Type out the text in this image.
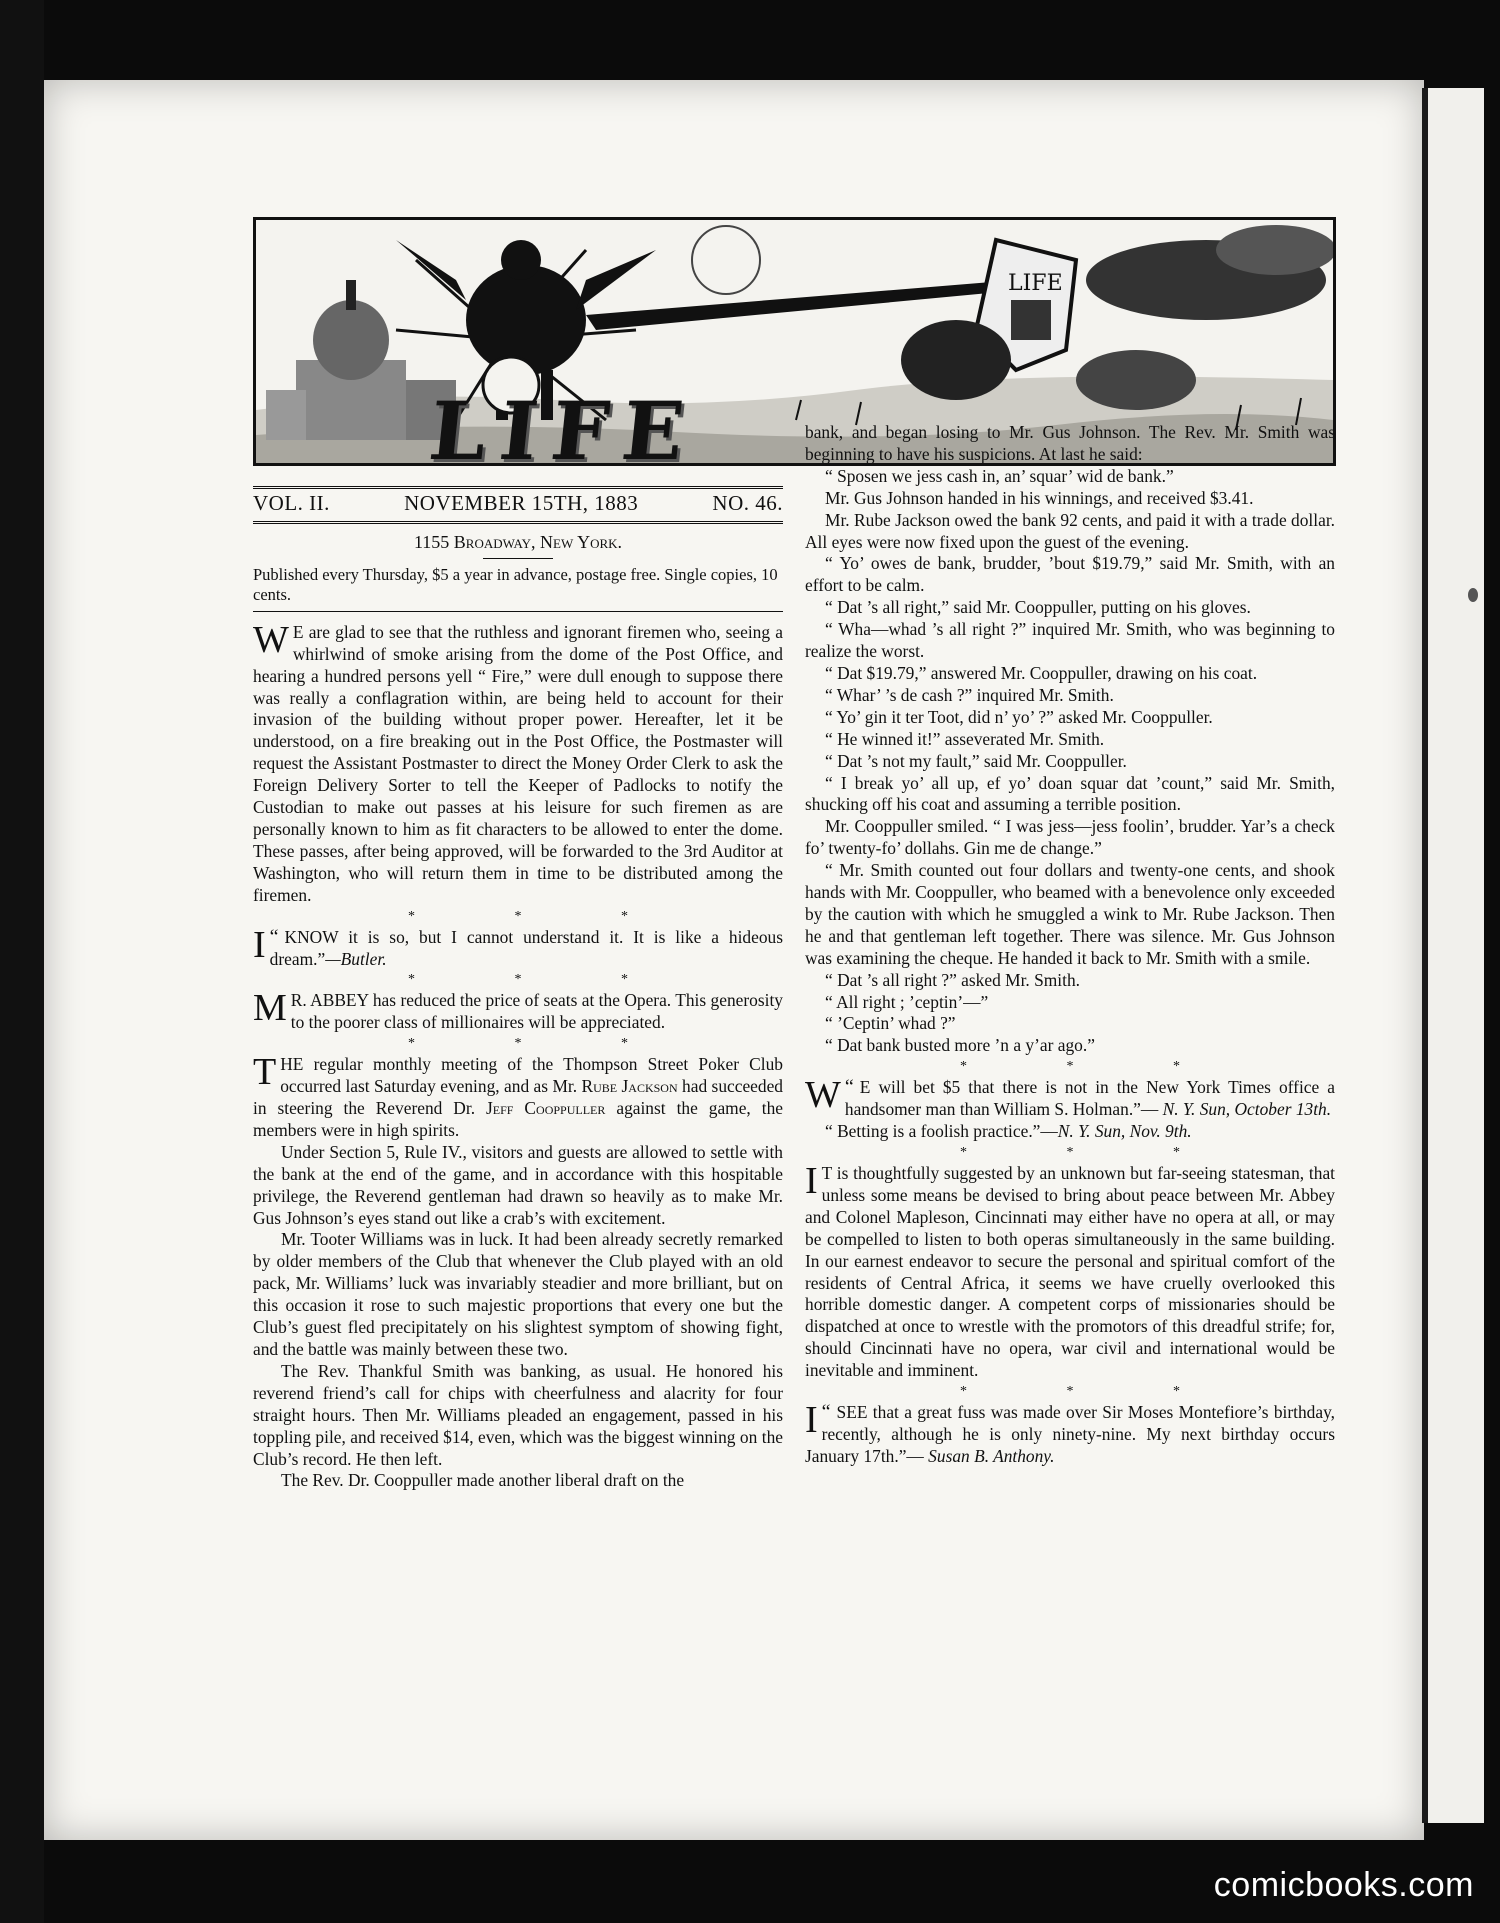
LIFE
LIFE
VOL. II.	NOVEMBER 15TH, 1883	NO. 46.
1155 Broadway, New York.

Published every Thursday, $5 a year in advance, postage free. Single copies, 10 cents.

W E are glad to see that the ruthless and ignorant firemen who, seeing a whirlwind of smoke arising from the dome of the Post Office, and hearing a hundred persons yell “ Fire,” were dull enough to suppose there was really a conflagration within, are being held to account for their invasion of the building without proper power. Hereafter, let it be understood, on a fire breaking out in the Post Office, the Postmaster will request the Assistant Postmaster to direct the Money Order Clerk to ask the Foreign Delivery Sorter to tell the Keeper of Padlocks to notify the Custodian to make out passes at his leisure for such firemen as are personally known to him as fit characters to be allowed to enter the dome. These passes, after being approved, will be forwarded to the 3rd Auditor at Washington, who will return them in time to be distributed among the firemen.

* * *

“
I KNOW it is so, but I cannot understand it. It is like a hideous dream.”—Butler.

* * *

M R. ABBEY has reduced the price of seats at the Opera. This generosity to the poorer class of millionaires will be appreciated.

* * *

THE regular monthly meeting of the Thompson Street Poker Club occurred last Saturday evening, and as Mr. Rube Jackson had succeeded in steering the Reverend Dr. Jeff Cooppuller against the game, the members were in high spirits.

Under Section 5, Rule IV., visitors and guests are allowed to settle with the bank at the end of the game, and in accordance with this hospitable privilege, the Reverend gentleman had drawn so heavily as to make Mr. Gus Johnson’s eyes stand out like a crab’s with excitement.

Mr. Tooter Williams was in luck. It had been already secretly remarked by older members of the Club that whenever the Club played with an old pack, Mr. Williams’ luck was invariably steadier and more brilliant, but on this occasion it rose to such majestic proportions that every one but the Club’s guest fled precipitately on his slightest symptom of showing fight, and the battle was mainly between these two.

The Rev. Thankful Smith was banking, as usual. He honored his reverend friend’s call for chips with cheerfulness and alacrity for four straight hours. Then Mr. Williams pleaded an engagement, passed in his toppling pile, and received $14, even, which was the biggest winning on the Club’s record. He then left.

The Rev. Dr. Cooppuller made another liberal draft on the

bank, and began losing to Mr. Gus Johnson. The Rev. Mr. Smith was beginning to have his suspicions. At last he said:

“ Sposen we jess cash in, an’ squar’ wid de bank.”

Mr. Gus Johnson handed in his winnings, and received $3.41.

Mr. Rube Jackson owed the bank 92 cents, and paid it with a trade dollar. All eyes were now fixed upon the guest of the evening.

“ Yo’ owes de bank, brudder, ’bout $19.79,” said Mr. Smith, with an effort to be calm.

“ Dat ’s all right,” said Mr. Cooppuller, putting on his gloves.

“ Wha—whad ’s all right ?” inquired Mr. Smith, who was beginning to realize the worst.

“ Dat $19.79,” answered Mr. Cooppuller, drawing on his coat.

“ Whar’ ’s de cash ?” inquired Mr. Smith.

“ Yo’ gin it ter Toot, did n’ yo’ ?” asked Mr. Cooppuller.

“ He winned it!” asseverated Mr. Smith.

“ Dat ’s not my fault,” said Mr. Cooppuller.

“ I break yo’ all up, ef yo’ doan squar dat ’count,” said Mr. Smith, shucking off his coat and assuming a terrible position.

Mr. Cooppuller smiled. “ I was jess—jess foolin’, brudder. Yar’s a check fo’ twenty-fo’ dollahs. Gin me de change.”

“ Mr. Smith counted out four dollars and twenty-one cents, and shook hands with Mr. Cooppuller, who beamed with a benevolence only exceeded by the caution with which he smuggled a wink to Mr. Rube Jackson. Then he and that gentleman left together. There was silence. Mr. Gus Johnson was examining the cheque. He handed it back to Mr. Smith with a smile.

“ Dat ’s all right ?” asked Mr. Smith.

“ All right ; ’ceptin’—”

“ ’Ceptin’ whad ?”

“ Dat bank busted more ’n a y’ar ago.”

* * *

“
W E will bet $5 that there is not in the New York Times office a handsomer man than William S. Holman.”— N. Y. Sun, October 13th.

“ Betting is a foolish practice.”—N. Y. Sun, Nov. 9th.

* * *

I T is thoughtfully suggested by an unknown but far-seeing statesman, that unless some means be devised to bring about peace between Mr. Abbey and Colonel Mapleson, Cincinnati may either have no opera at all, or may be compelled to listen to both operas simultaneously in the same building. In our earnest endeavor to secure the personal and spiritual comfort of the residents of Central Africa, it seems we have cruelly overlooked this horrible domestic danger. A competent corps of missionaries should be dispatched at once to wrestle with the promotors of this dreadful strife; for, should Cincinnati have no opera, war civil and international would be inevitable and imminent.

* * *

“
I SEE that a great fuss was made over Sir Moses Montefiore’s birthday, recently, although he is only ninety-nine. My next birthday occurs January 17th.”— Susan B. Anthony.

comicbooks.com
